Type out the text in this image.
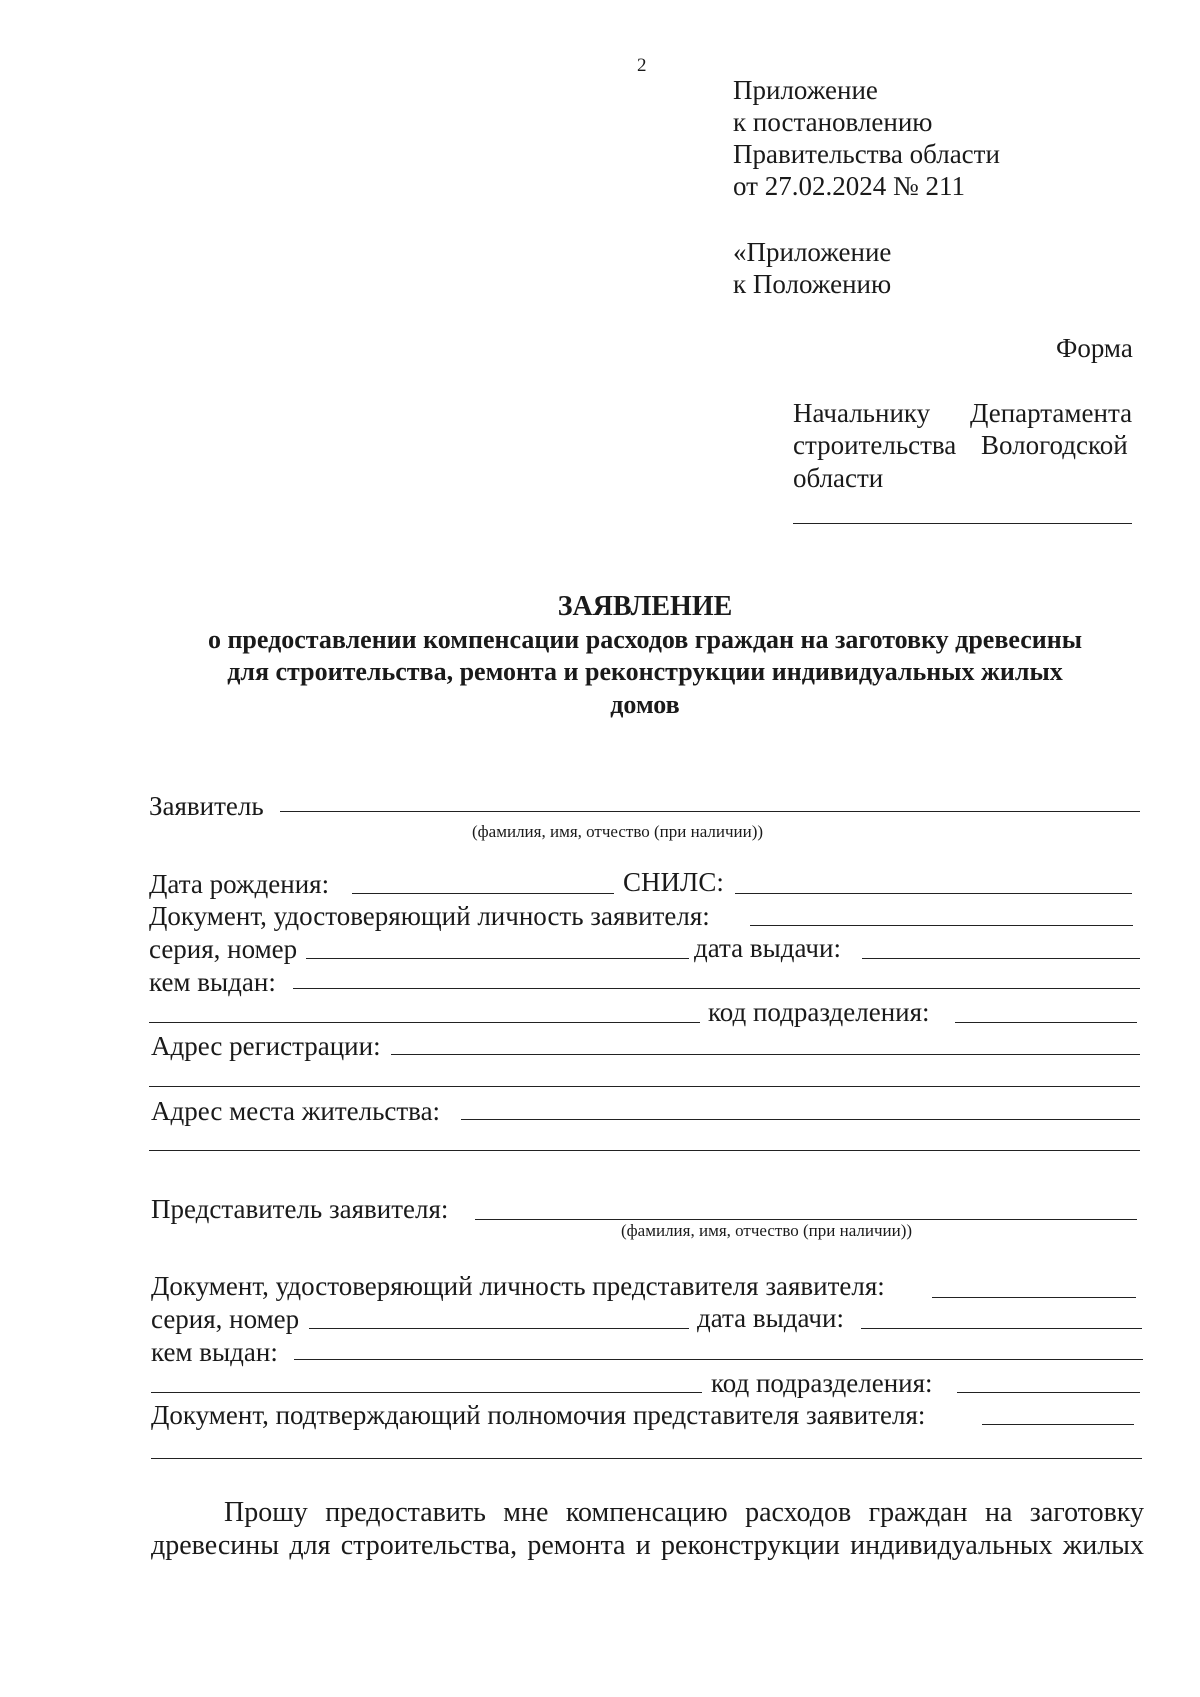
2
Приложение
к постановлению
Правительства области
от 27.02.2024 № 211
«Приложение
к Положению
Форма
Начальнику Департамента
строительства Вологодской
области
ЗАЯВЛЕНИЕ
о предоставлении компенсации расходов граждан на заготовку древесины
для строительства, ремонта и реконструкции индивидуальных жилых
домов
Заявитель
(фамилия, имя, отчество (при наличии))
Дата рождения:	СНИЛС:
Документ, удостоверяющий личность заявителя:
серия, номер	дата выдачи:
кем выдан:
код подразделения:
Адрес регистрации:
Адрес места жительства:
Представитель заявителя:
(фамилия, имя, отчество (при наличии))
Документ, удостоверяющий личность представителя заявителя:
серия, номер	дата выдачи:
кем выдан:
код подразделения:
Документ, подтверждающий полномочия представителя заявителя:
Прошу предоставить мне компенсацию расходов граждан на заготовку
древесины для строительства, ремонта и реконструкции индивидуальных жилых
